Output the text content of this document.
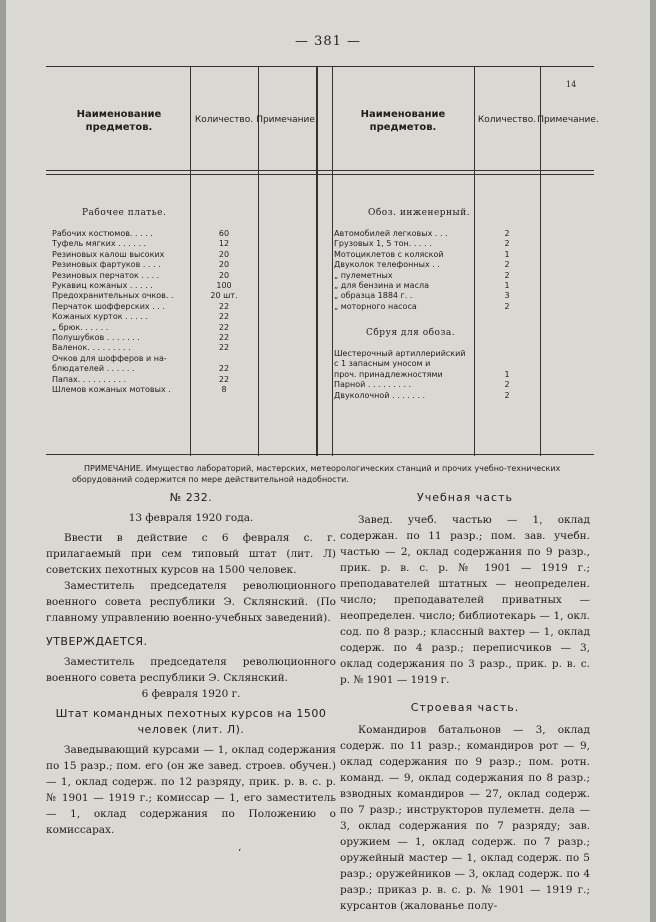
— 381 —
Наименование предметов.
Количество. Примечание.
Наименование предметов.
Количество. Примечание.
14
Рабочее платье.
Рабочих костюмов. . . . .	60
Туфель мягких . . . . . .	12
Резиновых калош высоких	20
Резиновых фартуков . . . .	20
Резиновых перчаток . . . .	20
Рукавиц кожаных . . . . .	100
Предохранительных очков. .	20 шт.
Перчаток шофферских . . .	22
Кожаных курток . . . . .	22
„ брюк. . . . . .	22
Полушубков . . . . . . .	22
Валенок. . . . . . . . .	22
Очков для шофферов и на-
блюдателей . . . . . .	22
Папах. . . . . . . . . .	22
Шлемов кожаных мотовых .	8
Обоз. инженерный.
Автомобилей легковых . . .	2
Грузовых 1, 5 тон. . . . .	2
Мотоциклетов с коляской	1
Двуколок телефонных . .	2
„ пулеметных	2
„ для бензина и масла	1
„ образца 1884 г. .	3
„ моторного насоса	2
Сбруя для обоза.
Шестерочный артиллерийский
с 1 запасным уносом и
проч. принадлежностями	1
Парной . . . . . . . . .	2
Двуколочной . . . . . . .	2
ПРИМЕЧАНИЕ. Имущество лабораторий, мастерских, метеорологических станций и прочих учебно-технических
оборудований содержится по мере действительной надобности.

№ 232.

13 февраля 1920 года.

Ввести в действие с 6 февраля с. г. прилагаемый при сем типовый штат (лит. Л) советских пехотных курсов на 1500 человек.

Заместитель председателя революционного военного совета республики Э. Склянский. (По главному управлению военно-учебных заведений).

УТВЕРЖДАЕТСЯ.

Заместитель председателя революционного военного совета республики Э. Склянский.

6 февраля 1920 г.

Штат командных пехотных курсов на 1500 человек (лит. Л).

Заведывающий курсами — 1, оклад содержания по 15 разр.; пом. его (он же завед. строев. обучен.) — 1, оклад содерж. по 12 разряду, прик. р. в. с. р. № 1901 — 1919 г.; комиссар — 1, его заместитель — 1, оклад содержания по Положению о комиссарах.

Учебная часть

Завед. учеб. частью — 1, оклад содержан. по 11 разр.; пом. зав. учебн. частью — 2, оклад содержания по 9 разр., прик. р. в. с. р. № 1901 — 1919 г.; преподавателей штатных — неопределен. число; преподавателей приватных — неопределен. число; библиотекарь — 1, окл. сод. по 8 разр.; классный вахтер — 1, оклад содерж. по 4 разр.; переписчиков — 3, оклад содержания по 3 разр., прик. р. в. с. р. № 1901 — 1919 г.

Строевая часть.

Командиров батальонов — 3, оклад содерж. по 11 разр.; командиров рот — 9, оклад содержания по 9 разр.; пом. ротн. команд. — 9, оклад содержания по 8 разр.; взводных командиров — 27, оклад содерж. по 7 разр.; инструкторов пулеметн. дела — 3, оклад содержания по 7 разряду; зав. оружием — 1, оклад содерж. по 7 разр.; оружейный мастер — 1, оклад содерж. по 5 разр.; оружейников — 3, оклад содерж. по 4 разр.; приказ р. в. с. р. № 1901 — 1919 г.; курсантов (жалованье полу-

‘
